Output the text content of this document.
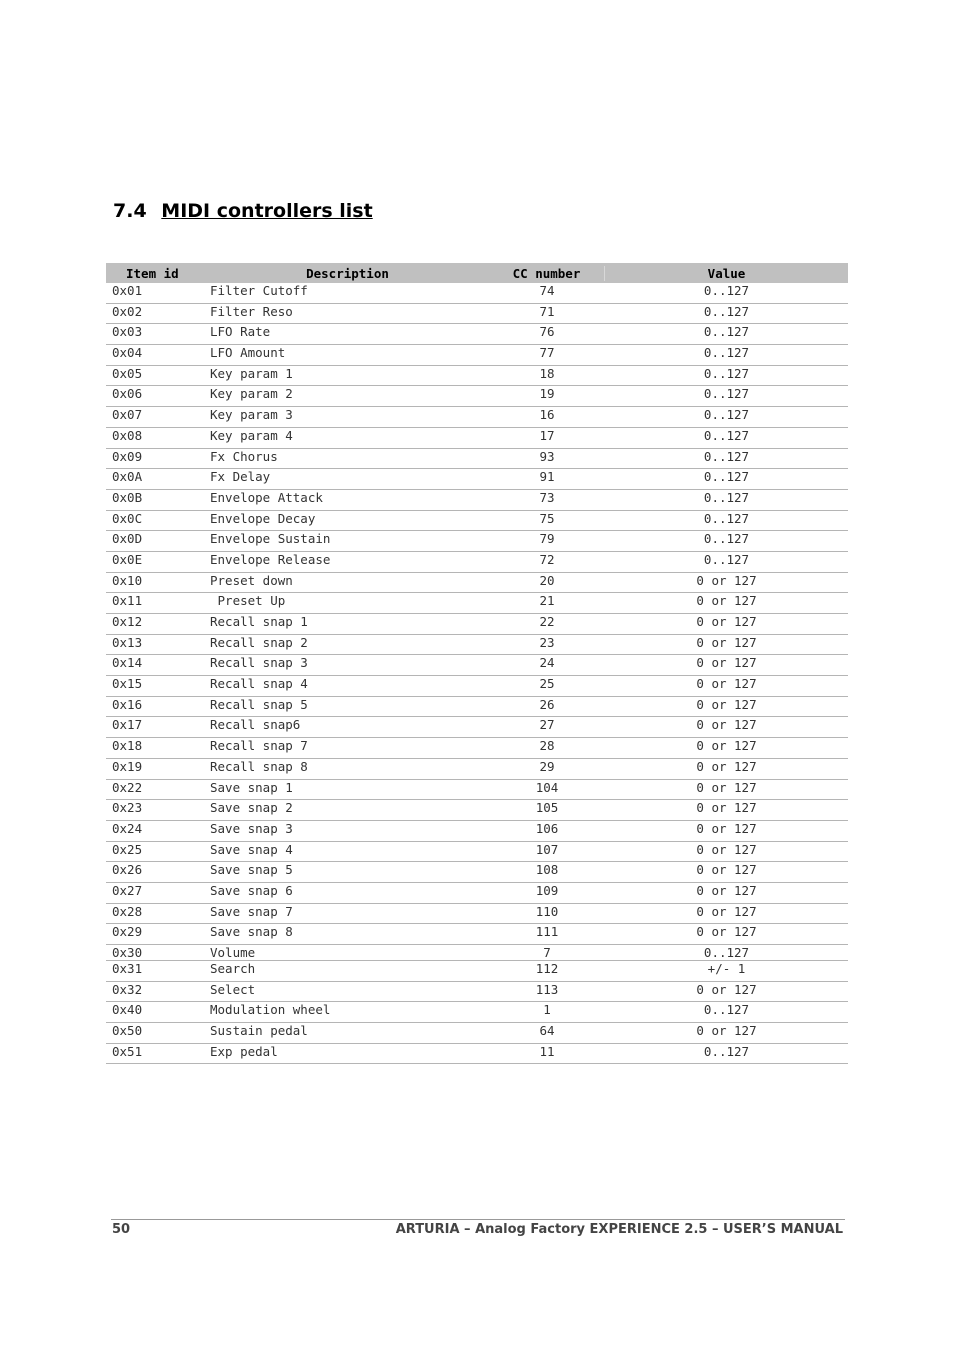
7.4 MIDI controllers list
Item id	Description	CC number	Value
0x01	Filter Cutoff	74	0..127
0x02	Filter Reso	71	0..127
0x03	LFO Rate	76	0..127
0x04	LFO Amount	77	0..127
0x05	Key param 1	18	0..127
0x06	Key param 2	19	0..127
0x07	Key param 3	16	0..127
0x08	Key param 4	17	0..127
0x09	Fx Chorus	93	0..127
0x0A	Fx Delay	91	0..127
0x0B	Envelope Attack	73	0..127
0x0C	Envelope Decay	75	0..127
0x0D	Envelope Sustain	79	0..127
0x0E	Envelope Release	72	0..127
0x10	Preset down	20	0 or 127
0x11	Preset Up	21	0 or 127
0x12	Recall snap 1	22	0 or 127
0x13	Recall snap 2	23	0 or 127
0x14	Recall snap 3	24	0 or 127
0x15	Recall snap 4	25	0 or 127
0x16	Recall snap 5	26	0 or 127
0x17	Recall snap6	27	0 or 127
0x18	Recall snap 7	28	0 or 127
0x19	Recall snap 8	29	0 or 127
0x22	Save snap 1	104	0 or 127
0x23	Save snap 2	105	0 or 127
0x24	Save snap 3	106	0 or 127
0x25	Save snap 4	107	0 or 127
0x26	Save snap 5	108	0 or 127
0x27	Save snap 6	109	0 or 127
0x28	Save snap 7	110	0 or 127
0x29	Save snap 8	111	0 or 127
0x30	Volume	7	0..127
0x31	Search	112	+/- 1
0x32	Select	113	0 or 127
0x40	Modulation wheel	1	0..127
0x50	Sustain pedal	64	0 or 127
0x51	Exp pedal	11	0..127
50	ARTURIA – Analog Factory EXPERIENCE 2.5 – USER’S MANUAL
